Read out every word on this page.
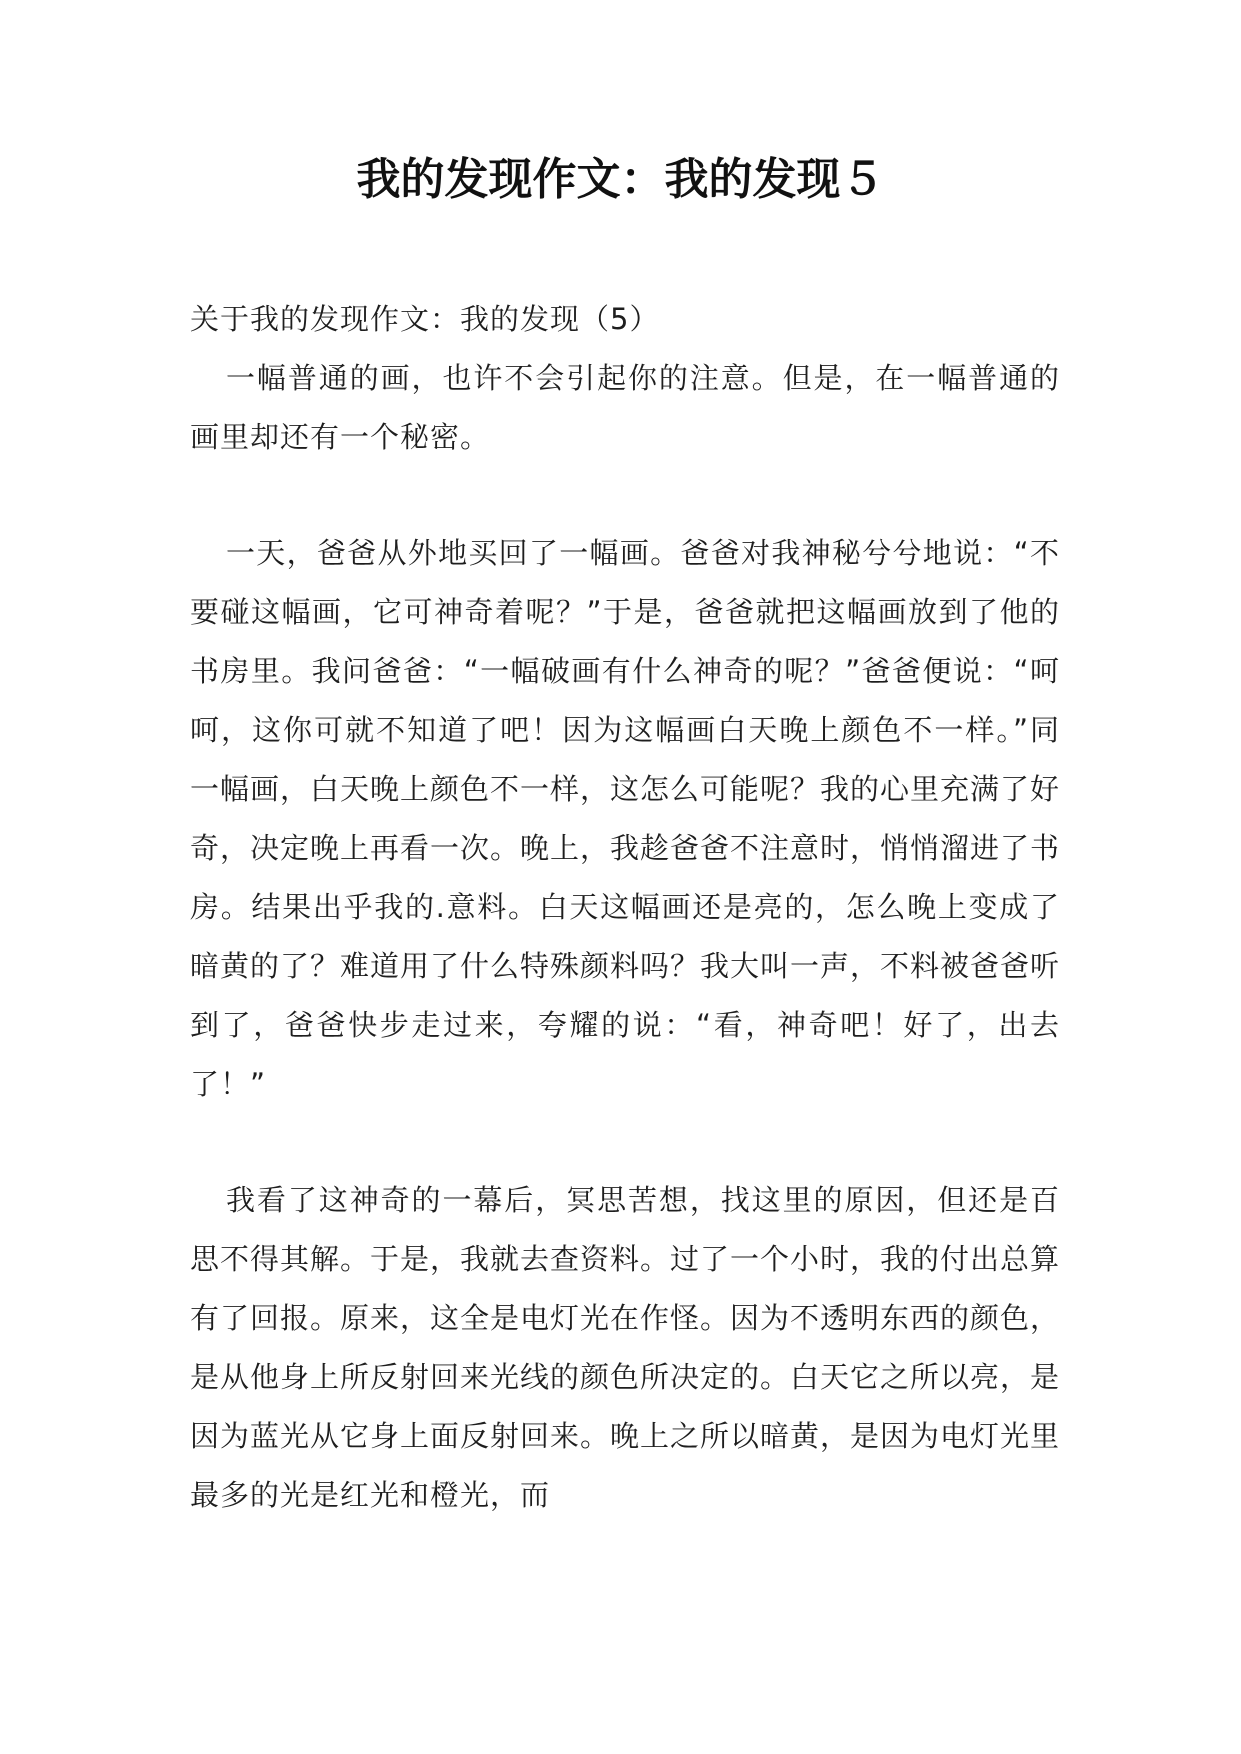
我的发现作文：我的发现５

关于我的发现作文：我的发现（5）

一幅普通的画，也许不会引起你的注意。但是，在一幅普通的画里却还有一个秘密。

一天，爸爸从外地买回了一幅画。爸爸对我神秘兮兮地说：“不要碰这幅画，它可神奇着呢？”于是，爸爸就把这幅画放到了他的书房里。我问爸爸：“一幅破画有什么神奇的呢？”爸爸便说：“呵呵，这你可就不知道了吧！因为这幅画白天晚上颜色不一样。”同一幅画，白天晚上颜色不一样，这怎么可能呢？我的心里充满了好奇，决定晚上再看一次。晚上，我趁爸爸不注意时，悄悄溜进了书房。结果出乎我的.意料。白天这幅画还是亮的，怎么晚上变成了暗黄的了？难道用了什么特殊颜料吗？我大叫一声，不料被爸爸听到了，爸爸快步走过来，夸耀的说：“看，神奇吧！好了，出去了！”

我看了这神奇的一幕后，冥思苦想，找这里的原因，但还是百思不得其解。于是，我就去查资料。过了一个小时，我的付出总算有了回报。原来，这全是电灯光在作怪。因为不透明东西的颜色，是从他身上所反射回来光线的颜色所决定的。白天它之所以亮，是因为蓝光从它身上面反射回来。晚上之所以暗黄，是因为电灯光里最多的光是红光和橙光，而
